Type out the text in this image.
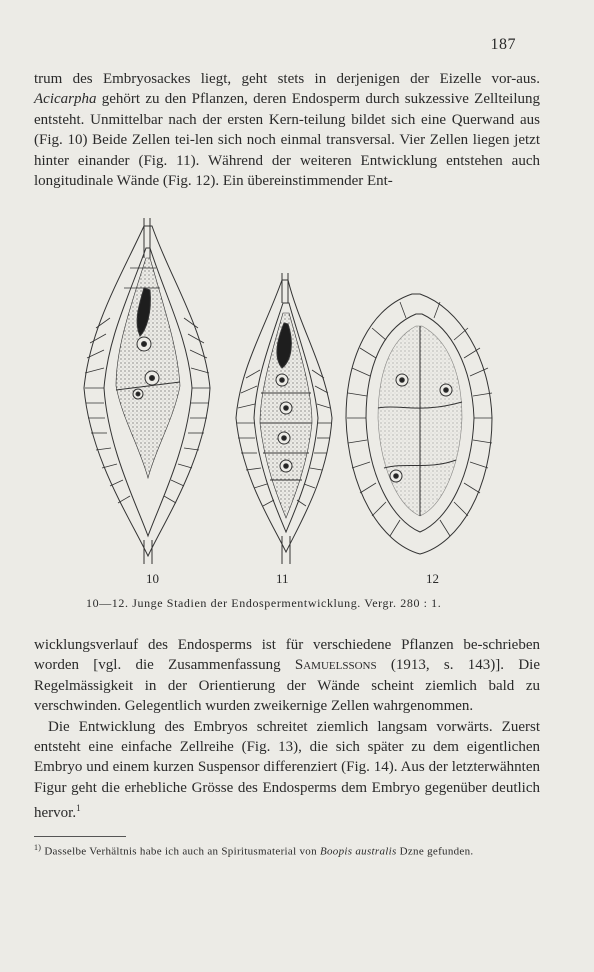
187

trum des Embryosackes liegt, geht stets in derjenigen der Eizelle vor-aus. Acicarpha gehört zu den Pflanzen, deren Endosperm durch sukzessive Zellteilung entsteht. Unmittelbar nach der ersten Kern-teilung bildet sich eine Querwand aus (Fig. 10) Beide Zellen tei-len sich noch einmal transversal. Vier Zellen liegen jetzt hinter einander (Fig. 11). Während der weiteren Entwicklung entstehen auch longitudinale Wände (Fig. 12). Ein übereinstimmender Ent-

10	11	12
10—12. Junge Stadien der Endospermentwicklung. Vergr. 280 : 1.

wicklungsverlauf des Endosperms ist für verschiedene Pflanzen be-schrieben worden [vgl. die Zusammenfassung Samuelssons (1913, s. 143)]. Die Regelmässigkeit in der Orientierung der Wände scheint ziemlich bald zu verschwinden. Gelegentlich wurden zweikernige Zellen wahrgenommen.

Die Entwicklung des Embryos schreitet ziemlich langsam vorwärts. Zuerst entsteht eine einfache Zellreihe (Fig. 13), die sich später zu dem eigentlichen Embryo und einem kurzen Suspensor differenziert (Fig. 14). Aus der letzterwähnten Figur geht die erhebliche Grösse des Endosperms dem Embryo gegenüber deutlich hervor.$^1$

$^{1)}$ Dasselbe Verhältnis habe ich auch an Spiritusmaterial von Boopis australis Dzne gefunden.
